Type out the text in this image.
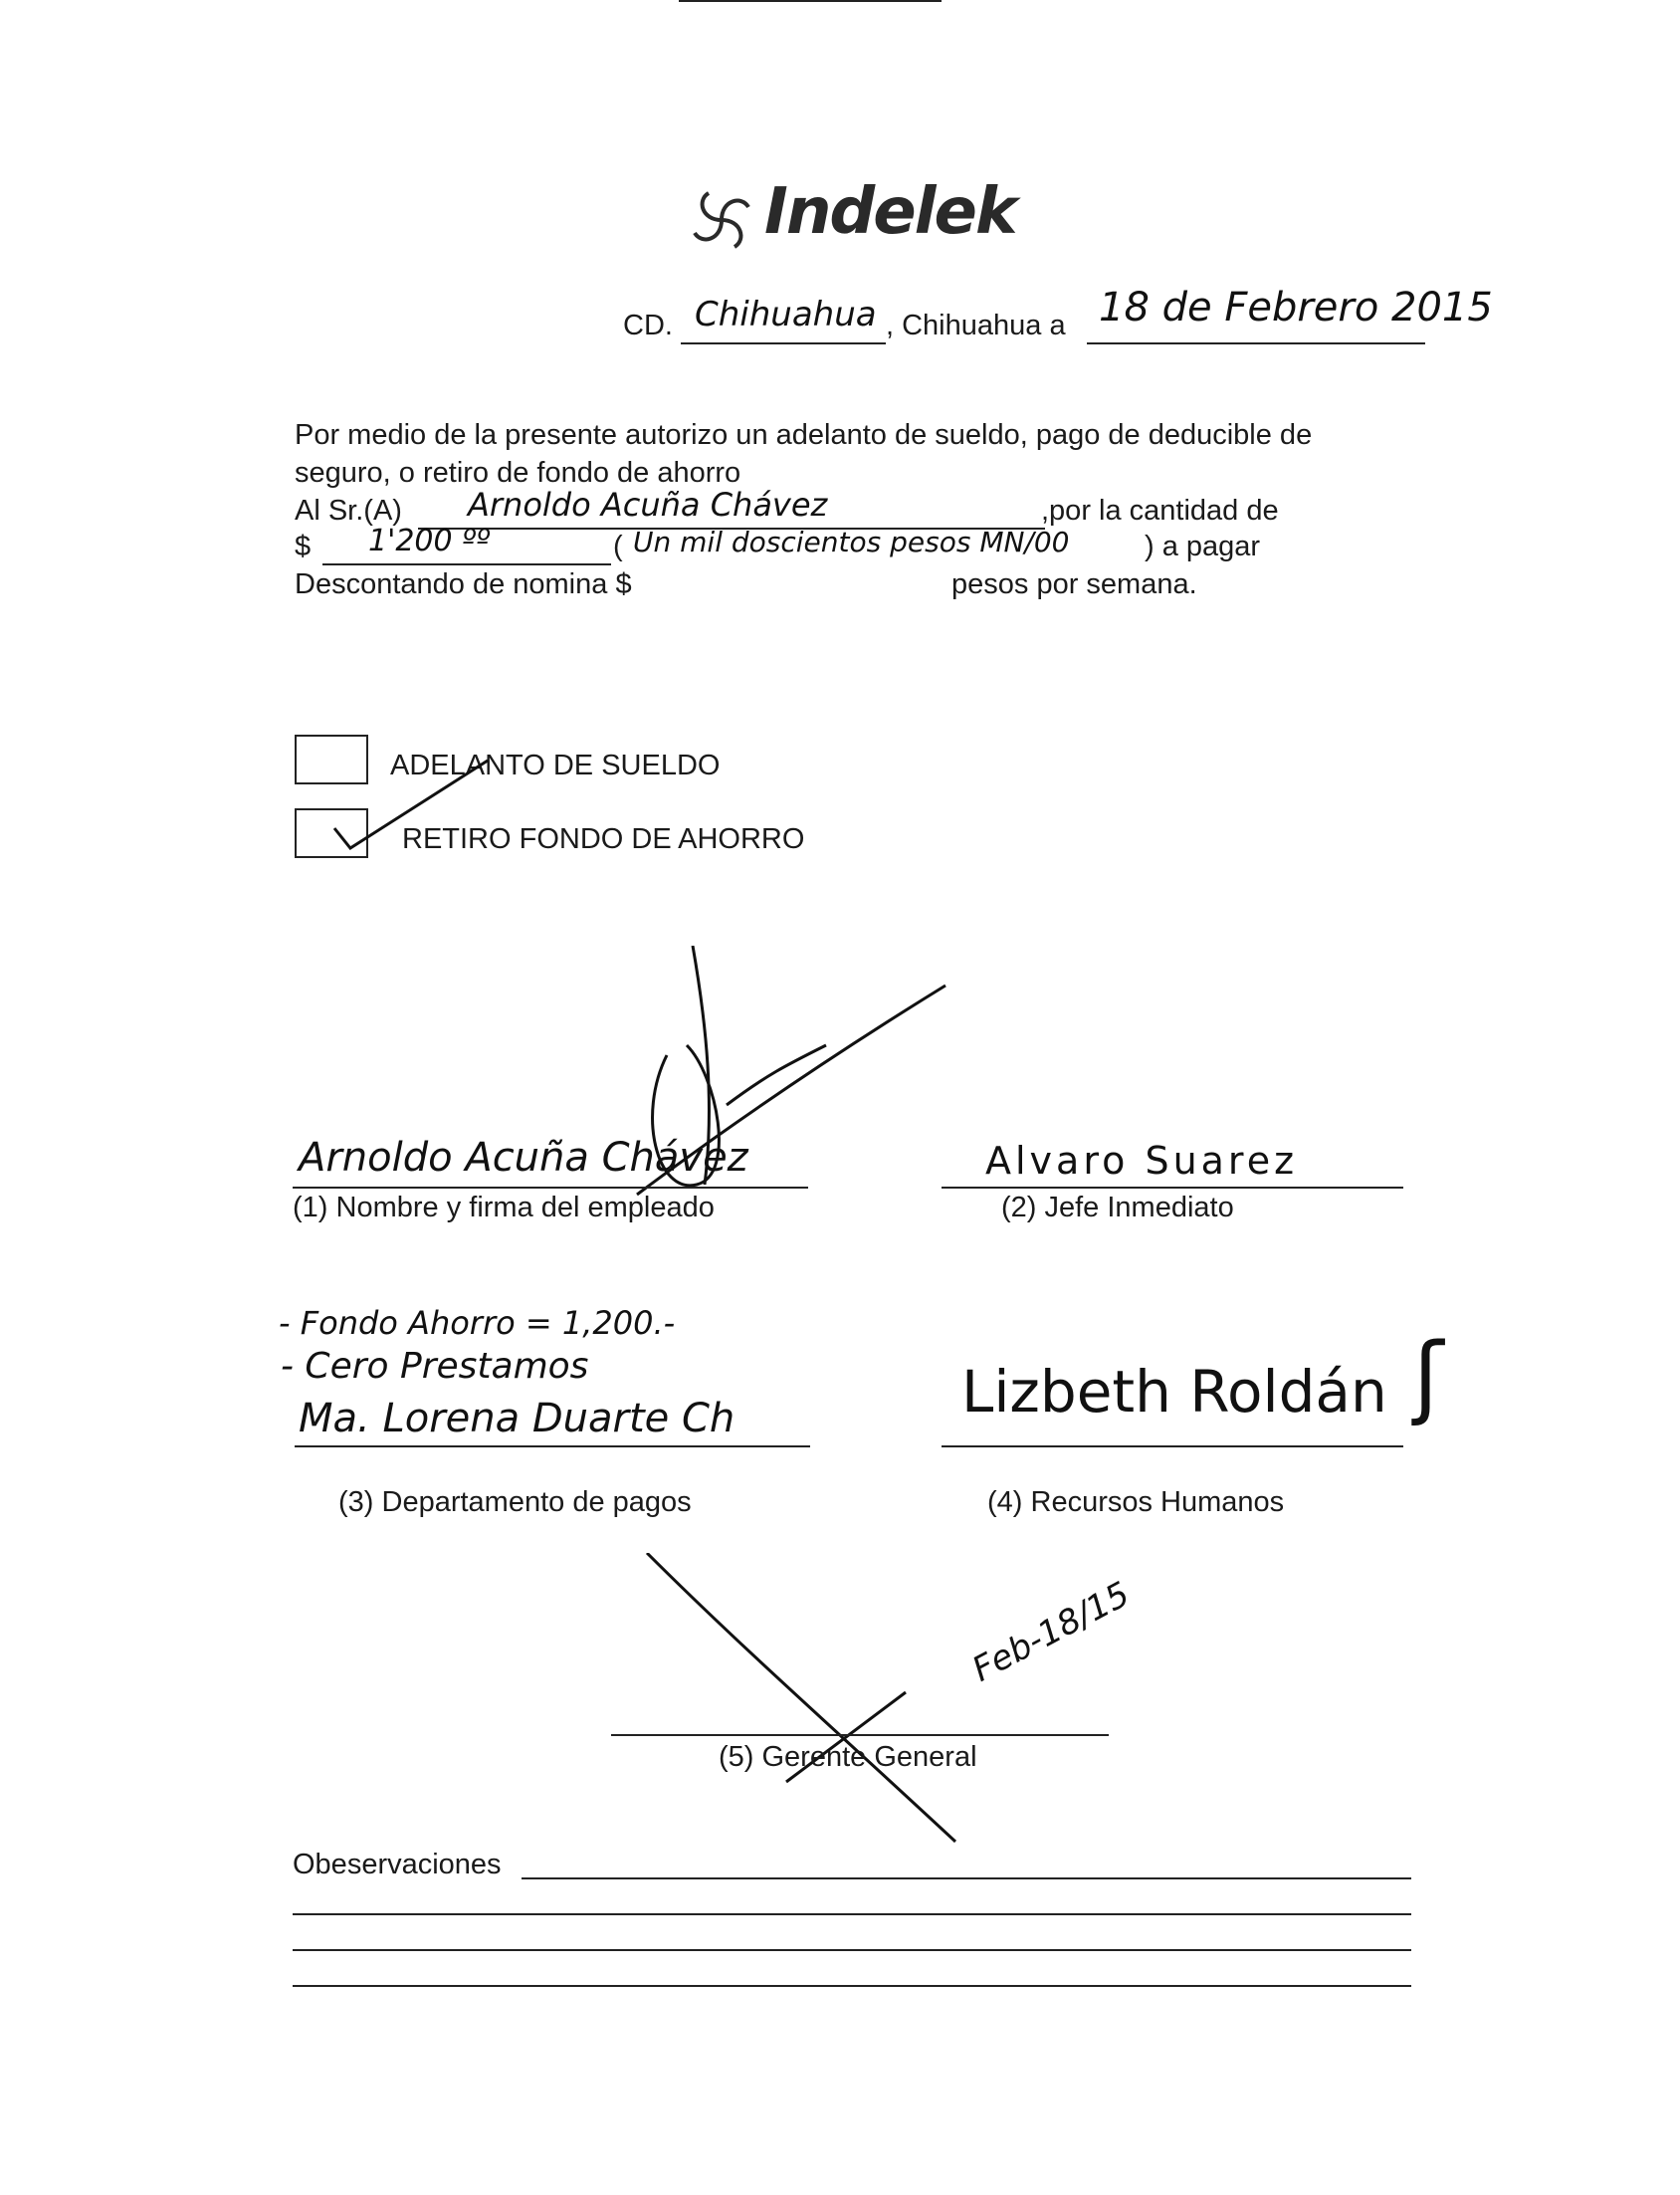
Indelek
CD. Chihuahua , Chihuahua a 18 de Febrero 2015
Por medio de la presente autorizo un adelanto de sueldo, pago de deducible de
seguro, o retiro de fondo de ahorro
Al Sr.(A) Arnoldo Acuña Chávez	,por la cantidad de
$ 1'200 ºº	( Un mil doscientos pesos MN/00	) a pagar
Descontando de nomina $	pesos por semana.
ADELANTO DE SUELDO
RETIRO FONDO DE AHORRO
Arnoldo Acuña Chávez
(1) Nombre y firma del empleado
Alvaro Suarez
(2) Jefe Inmediato
- Fondo Ahorro = 1,200.-
- Cero Prestamos
Ma. Lorena Duarte Ch
(3) Departamento de pagos
Lizbeth Roldán ʃ
(4) Recursos Humanos
Feb-18/15
(5) Gerente General
Obeservaciones
